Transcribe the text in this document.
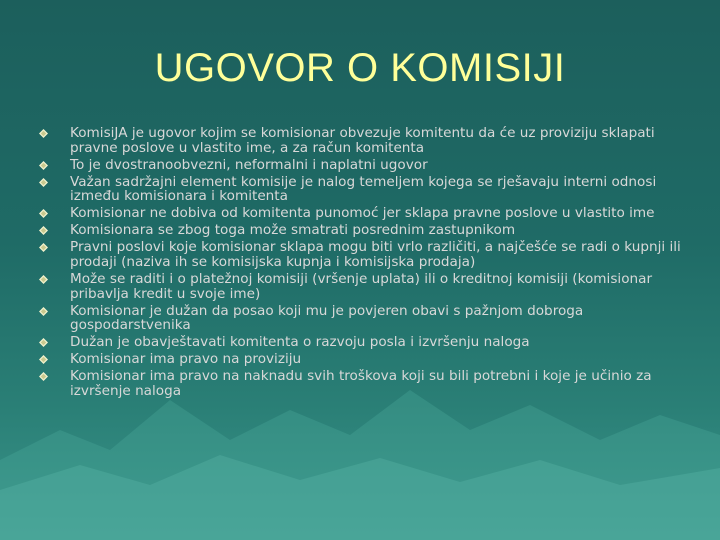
UGOVOR O KOMISIJI
KomisiJA je ugovor kojim se komisionar obvezuje komitentu da će uz proviziju sklapati pravne poslove u vlastito ime, a za račun komitenta
To je dvostranoobvezni, neformalni i naplatni ugovor
Važan sadržajni element komisije je nalog temeljem kojega se rješavaju interni odnosi između komisionara i komitenta
Komisionar ne dobiva od komitenta punomoć jer sklapa pravne poslove u vlastito ime
Komisionara se zbog toga može smatrati posrednim zastupnikom
Pravni poslovi koje komisionar sklapa mogu biti vrlo različiti, a najčešće se radi o kupnji ili prodaji (naziva ih se komisijska kupnja i komisijska prodaja)
Može se raditi i o platežnoj komisiji (vršenje uplata) ili o kreditnoj komisiji (komisionar pribavlja kredit u svoje ime)
Komisionar je dužan da posao koji mu je povjeren obavi s pažnjom dobroga gospodarstvenika
Dužan je obavještavati komitenta o razvoju posla i izvršenju naloga
Komisionar ima pravo na proviziju
Komisionar ima pravo na naknadu svih troškova koji su bili potrebni i koje je učinio za izvršenje naloga
